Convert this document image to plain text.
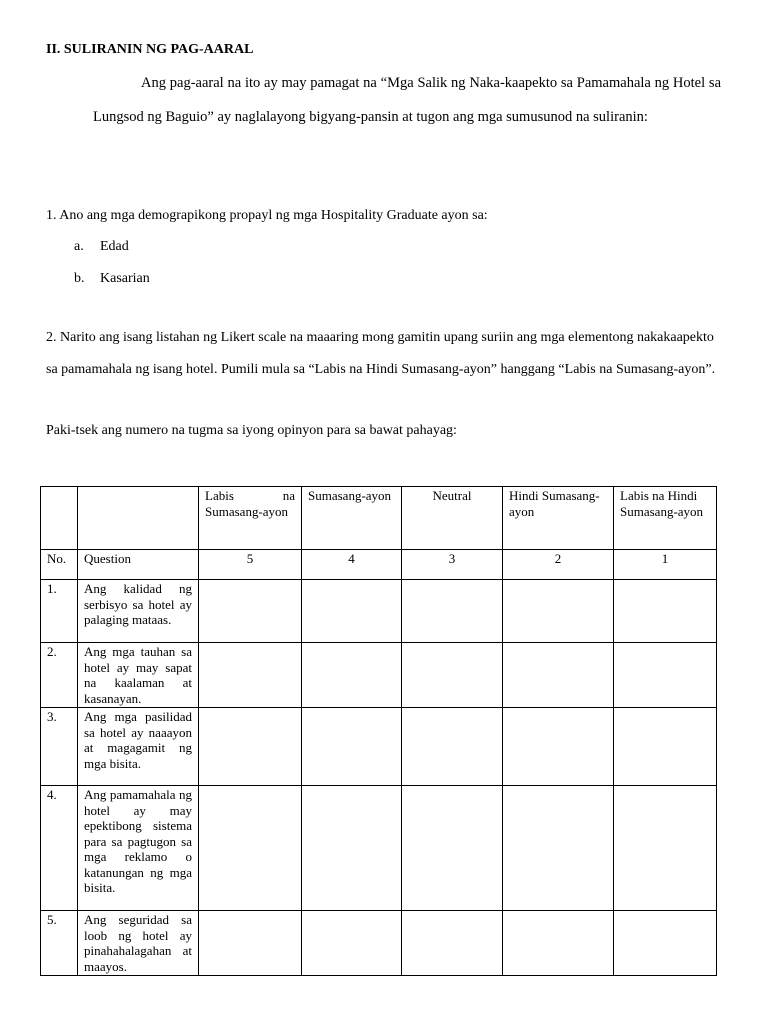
II. SULIRANIN NG PAG-AARAL
Ang pag-aaral na ito ay may pamagat na “Mga Salik ng Naka-kaapekto sa Pamamahala ng Hotel sa Lungsod ng Baguio” ay naglalayong bigyang-pansin at tugon ang mga sumusunod na suliranin:
1. Ano ang mga demograpikong propayl ng mga Hospitality Graduate ayon sa:
a. Edad
b. Kasarian
2. Narito ang isang listahan ng Likert scale na maaaring mong gamitin upang suriin ang mga elementong nakakaapekto sa pamamahala ng isang hotel. Pumili mula sa “Labis na Hindi Sumasang-ayon” hanggang “Labis na Sumasang-ayon”.
Paki-tsek ang numero na tugma sa iyong opinyon para sa bawat pahayag:
		Labis na Sumasang-ayon	Sumasang-ayon	Neutral	Hindi Sumasang-ayon	Labis na Hindi Sumasang-ayon
No.	Question	5	4	3	2	1
1.	Ang kalidad ng serbisyo sa hotel ay palaging mataas.					
2.	Ang mga tauhan sa hotel ay may sapat na kaalaman at kasanayan.					
3.	Ang mga pasilidad sa hotel ay naaayon at magagamit ng mga bisita.					
4.	Ang pamamahala ng hotel ay may epektibong sistema para sa pagtugon sa mga reklamo o katanungan ng mga bisita.					
5.	Ang seguridad sa loob ng hotel ay pinahahalagahan at maayos.					
